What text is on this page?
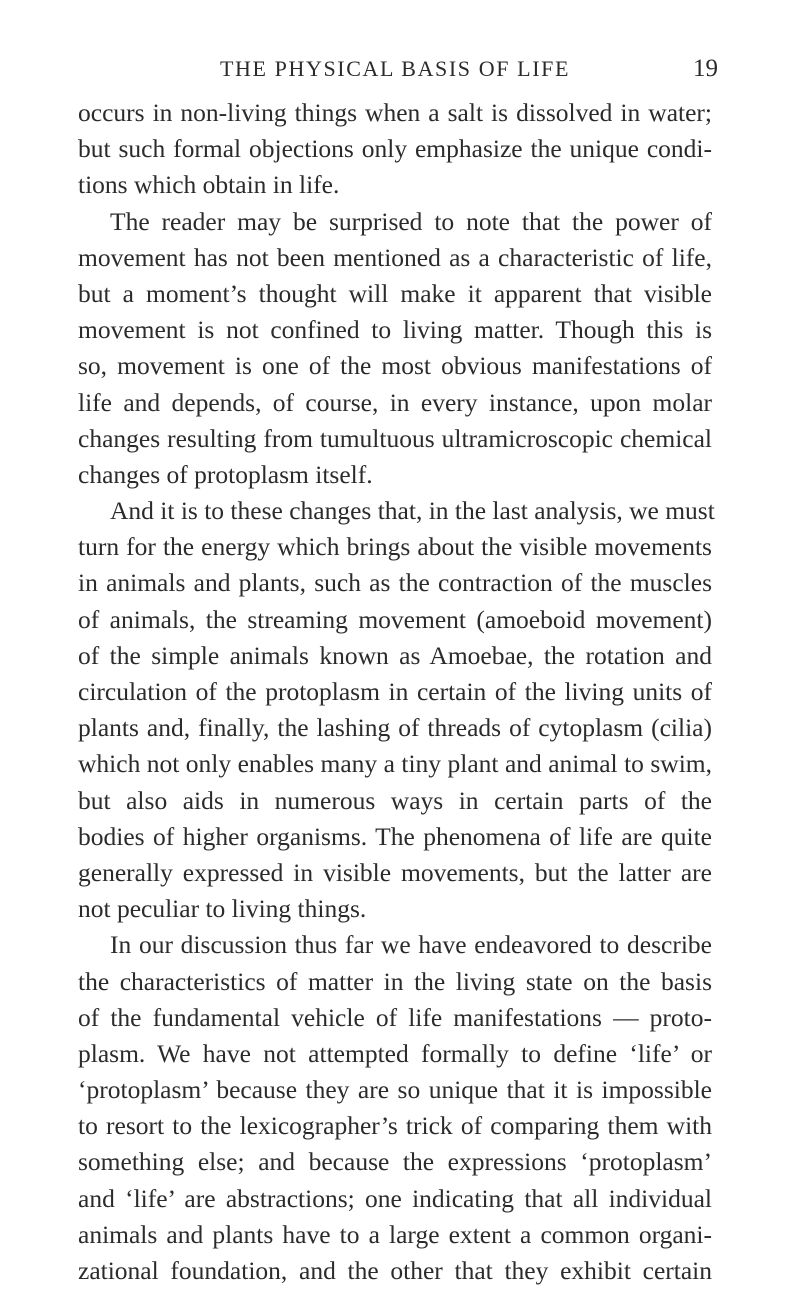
THE PHYSICAL BASIS OF LIFE	19
occurs in non-living things when a salt is dissolved in water;
but such formal objections only emphasize the unique condi-
tions which obtain in life.
The reader may be surprised to note that the power of
movement has not been mentioned as a characteristic of life,
but a moment’s thought will make it apparent that visible
movement is not confined to living matter. Though this is
so, movement is one of the most obvious manifestations of
life and depends, of course, in every instance, upon molar
changes resulting from tumultuous ultramicroscopic chemical
changes of protoplasm itself.
And it is to these changes that, in the last analysis, we must
turn for the energy which brings about the visible movements
in animals and plants, such as the contraction of the muscles
of animals, the streaming movement (amoeboid movement)
of the simple animals known as Amoebae, the rotation and
circulation of the protoplasm in certain of the living units of
plants and, finally, the lashing of threads of cytoplasm (cilia)
which not only enables many a tiny plant and animal to swim,
but also aids in numerous ways in certain parts of the
bodies of higher organisms. The phenomena of life are quite
generally expressed in visible movements, but the latter are
not peculiar to living things.
In our discussion thus far we have endeavored to describe
the characteristics of matter in the living state on the basis
of the fundamental vehicle of life manifestations — proto-
plasm. We have not attempted formally to define ‘life’ or
‘protoplasm’ because they are so unique that it is impossible
to resort to the lexicographer’s trick of comparing them with
something else; and because the expressions ‘protoplasm’
and ‘life’ are abstractions; one indicating that all individual
animals and plants have to a large extent a common organi-
zational foundation, and the other that they exhibit certain
